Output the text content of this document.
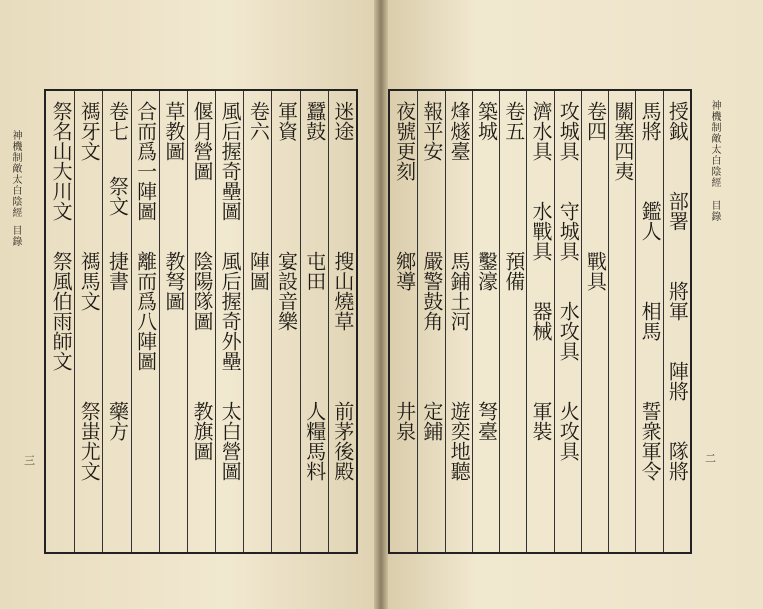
迷途
搜山燒草
前茅後殿
蠶鼓
屯田
人糧馬料
軍資
宴設音樂
卷六
陣圖
風后握奇壘圖
風后握奇外壘
太白營圖
偃月營圖
陰陽隊圖
教旗圖
草教圖
教弩圖
合而爲一陣圖
離而爲八陣圖
卷七
祭文
捷書
藥方
禡牙文
禡馬文
祭蚩尤文
祭名山大川文
祭風伯雨師文
授鉞
部署
將軍
陣將
隊將
馬將
鑑人
相馬
誓衆軍令
關塞四夷
卷四
戰具
攻城具
守城具
水攻具
火攻具
濟水具
水戰具
器械
軍裝
卷五
預備
築城
鑿濠
弩臺
烽燧臺
馬鋪土河
遊奕地聽
報平安
嚴警鼓角
定鋪
夜號更刻
鄉導
井泉
神機制敵太白陰經
目錄
三
神機制敵太白陰經
目錄
二
